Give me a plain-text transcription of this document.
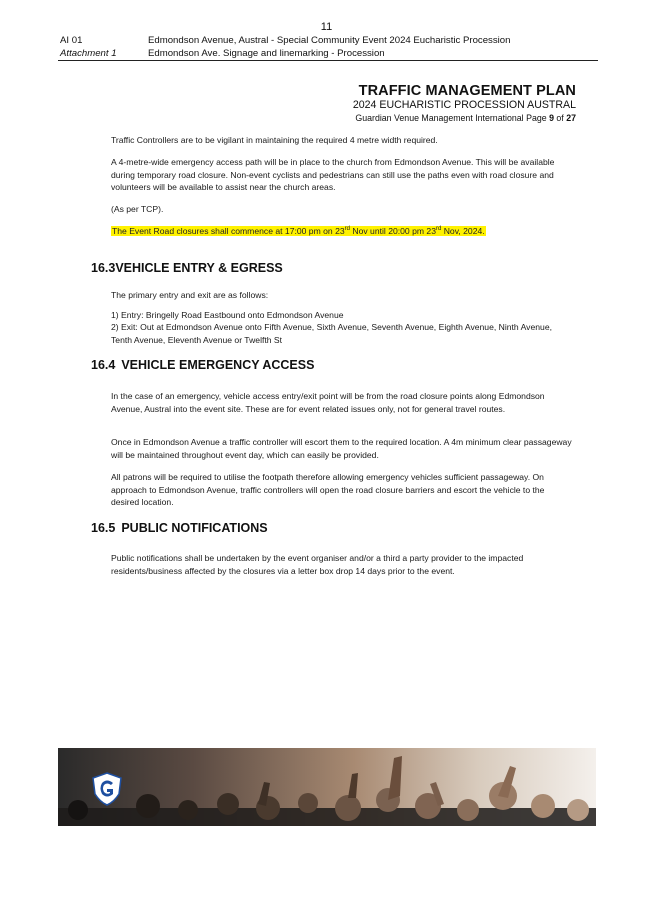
11
AI 01	Edmondson Avenue, Austral - Special Community Event 2024 Eucharistic Procession
Attachment 1	Edmondson Ave. Signage and linemarking - Procession
TRAFFIC MANAGEMENT PLAN
2024 EUCHARISTIC PROCESSION AUSTRAL
Guardian Venue Management International Page 9 of 27
Traffic Controllers are to be vigilant in maintaining the required 4 metre width required.
A 4-metre-wide emergency access path will be in place to the church from Edmondson Avenue. This will be available during temporary road closure. Non-event cyclists and pedestrians can still use the paths even with road closure and volunteers will be available to assist near the church areas.
(As per TCP).
The Event Road closures shall commence at 17:00 pm on 23rd Nov until 20:00 pm 23rd Nov, 2024.
16.3VEHICLE ENTRY & EGRESS
The primary entry and exit are as follows:
1) Entry: Bringelly Road Eastbound onto Edmondson Avenue
2) Exit: Out at Edmondson Avenue onto Fifth Avenue, Sixth Avenue, Seventh Avenue, Eighth Avenue, Ninth Avenue, Tenth Avenue, Eleventh Avenue or Twelfth St
16.4 VEHICLE EMERGENCY ACCESS
In the case of an emergency, vehicle access entry/exit point will be from the road closure points along Edmondson Avenue, Austral into the event site. These are for event related issues only, not for general travel routes.
Once in Edmondson Avenue a traffic controller will escort them to the required location. A 4m minimum clear passageway will be maintained throughout event day, which can easily be provided.
All patrons will be required to utilise the footpath therefore allowing emergency vehicles sufficient passageway. On approach to Edmondson Avenue, traffic controllers will open the road closure barriers and escort the vehicle to the desired location.
16.5 PUBLIC NOTIFICATIONS
Public notifications shall be undertaken by the event organiser and/or a third a party provider to the impacted residents/business affected by the closures via a letter box drop 14 days prior to the event.
